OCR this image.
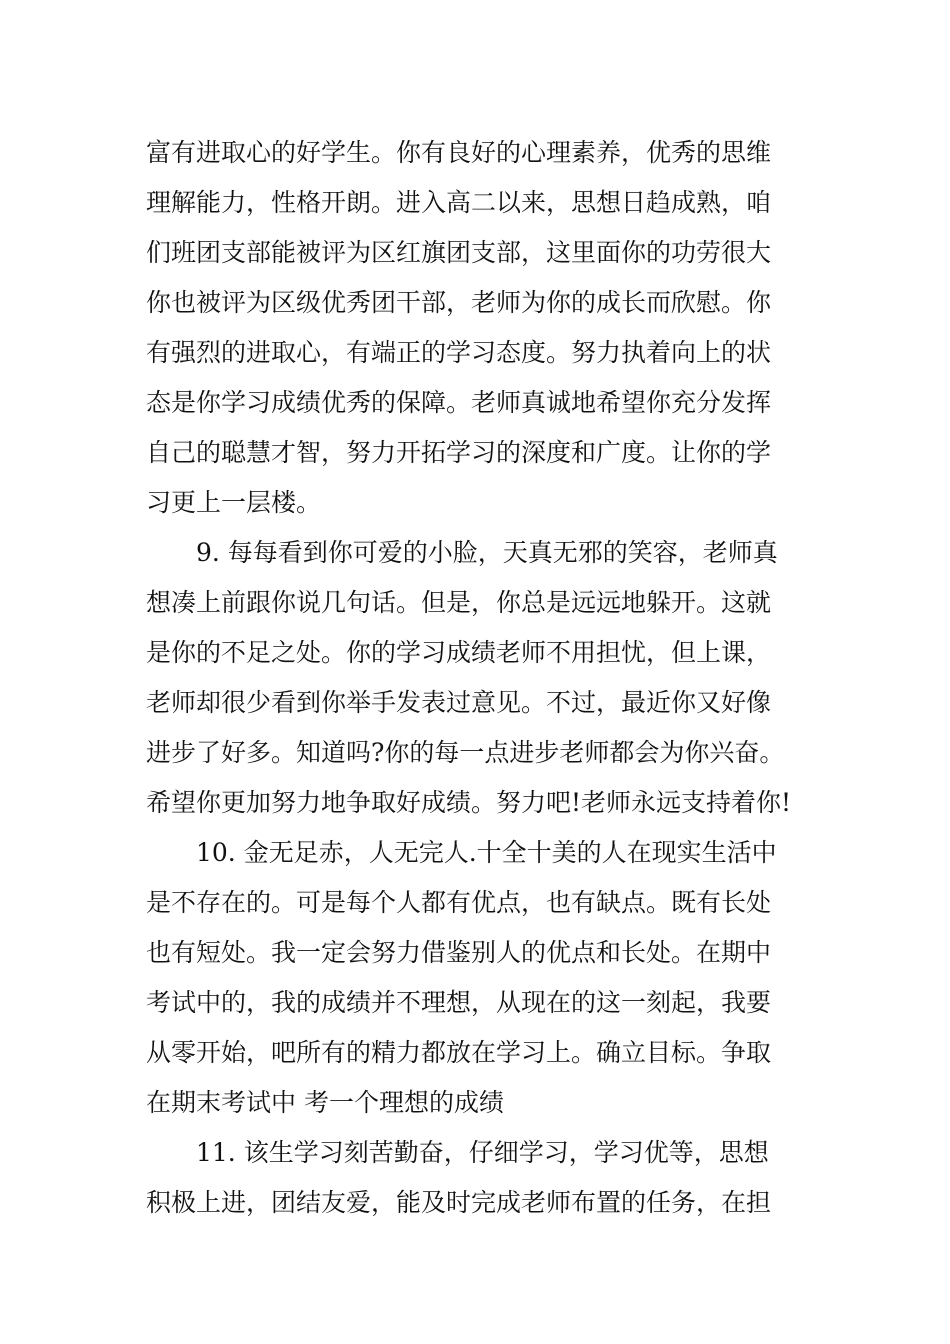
富有进取心的好学生。你有良好的心理素养，优秀的思维
理解能力，性格开朗。进入高二以来，思想日趋成熟，咱
们班团支部能被评为区红旗团支部，这里面你的功劳很大
你也被评为区级优秀团干部，老师为你的成长而欣慰。你
有强烈的进取心，有端正的学习态度。努力执着向上的状
态是你学习成绩优秀的保障。老师真诚地希望你充分发挥
自己的聪慧才智，努力开拓学习的深度和广度。让你的学
习更上一层楼。
9. 每每看到你可爱的小脸，天真无邪的笑容，老师真
想凑上前跟你说几句话。但是，你总是远远地躲开。这就
是你的不足之处。你的学习成绩老师不用担忧，但上课，
老师却很少看到你举手发表过意见。不过，最近你又好像
进步了好多。知道吗?你的每一点进步老师都会为你兴奋。
希望你更加努力地争取好成绩。努力吧!老师永远支持着你!
10. 金无足赤，人无完人.十全十美的人在现实生活中
是不存在的。可是每个人都有优点，也有缺点。既有长处
也有短处。我一定会努力借鉴别人的优点和长处。在期中
考试中的，我的成绩并不理想，从现在的这一刻起，我要
从零开始，吧所有的精力都放在学习上。确立目标。争取
在期末考试中 考一个理想的成绩
11. 该生学习刻苦勤奋，仔细学习，学习优等，思想
积极上进，团结友爱，能及时完成老师布置的任务，在担
